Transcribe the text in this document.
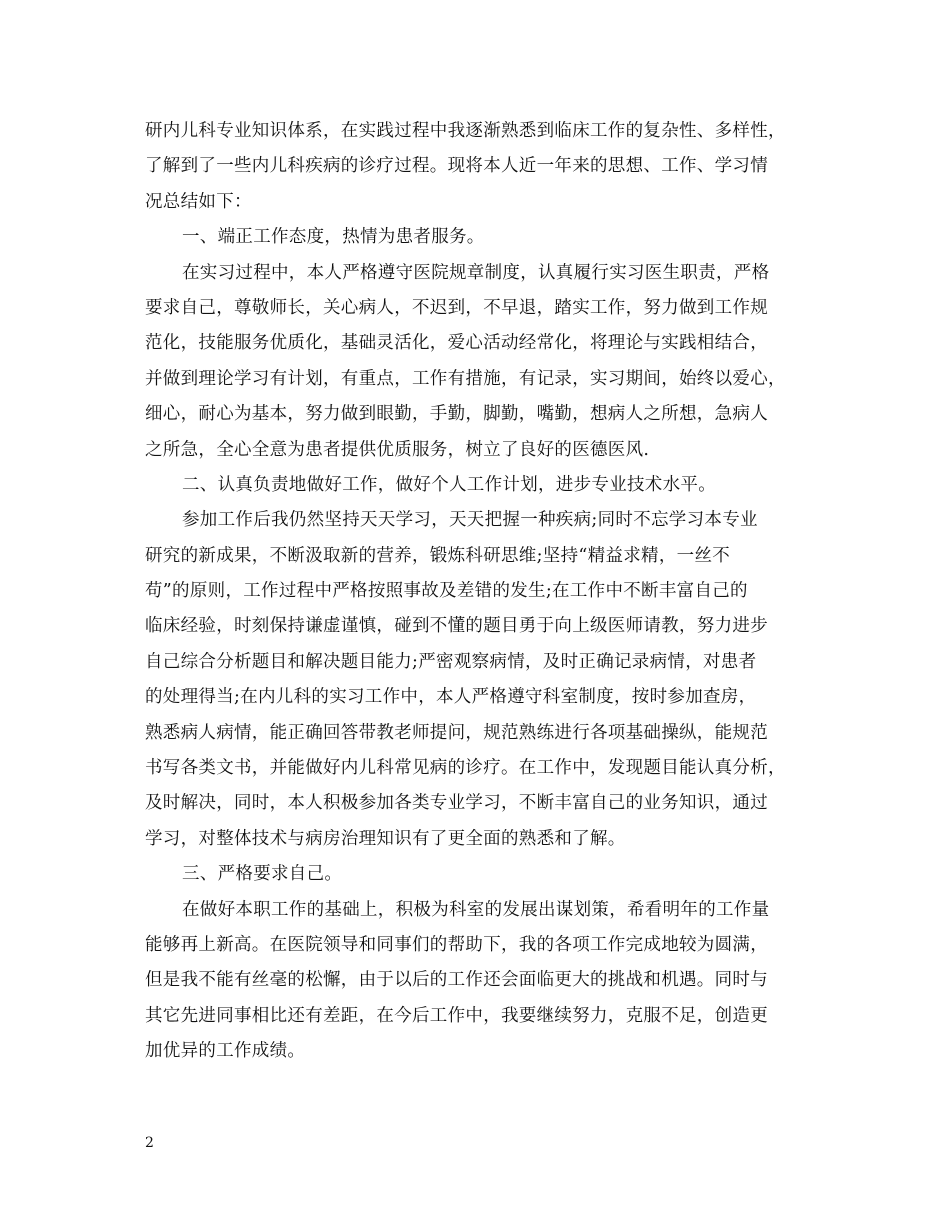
研内儿科专业知识体系，在实践过程中我逐渐熟悉到临床工作的复杂性、多样性，
了解到了一些内儿科疾病的诊疗过程。现将本人近一年来的思想、工作、学习情
况总结如下：
一、端正工作态度，热情为患者服务。
在实习过程中，本人严格遵守医院规章制度，认真履行实习医生职责，严格
要求自己，尊敬师长，关心病人，不迟到，不早退，踏实工作，努力做到工作规
范化，技能服务优质化，基础灵活化，爱心活动经常化，将理论与实践相结合，
并做到理论学习有计划，有重点，工作有措施，有记录，实习期间，始终以爱心，
细心，耐心为基本，努力做到眼勤，手勤，脚勤，嘴勤，想病人之所想，急病人
之所急，全心全意为患者提供优质服务，树立了良好的医德医风.
二、认真负责地做好工作，做好个人工作计划，进步专业技术水平。
参加工作后我仍然坚持天天学习，天天把握一种疾病;同时不忘学习本专业
研究的新成果，不断汲取新的营养，锻炼科研思维;坚持“精益求精，一丝不
苟”的原则，工作过程中严格按照事故及差错的发生;在工作中不断丰富自己的
临床经验，时刻保持谦虚谨慎，碰到不懂的题目勇于向上级医师请教，努力进步
自己综合分析题目和解决题目能力;严密观察病情，及时正确记录病情，对患者
的处理得当;在内儿科的实习工作中，本人严格遵守科室制度，按时参加查房，
熟悉病人病情，能正确回答带教老师提问，规范熟练进行各项基础操纵，能规范
书写各类文书，并能做好内儿科常见病的诊疗。在工作中，发现题目能认真分析，
及时解决，同时，本人积极参加各类专业学习，不断丰富自己的业务知识，通过
学习，对整体技术与病房治理知识有了更全面的熟悉和了解。
三、严格要求自己。
在做好本职工作的基础上，积极为科室的发展出谋划策，希看明年的工作量
能够再上新高。在医院领导和同事们的帮助下，我的各项工作完成地较为圆满，
但是我不能有丝毫的松懈，由于以后的工作还会面临更大的挑战和机遇。同时与
其它先进同事相比还有差距，在今后工作中，我要继续努力，克服不足，创造更
加优异的工作成绩。
2
